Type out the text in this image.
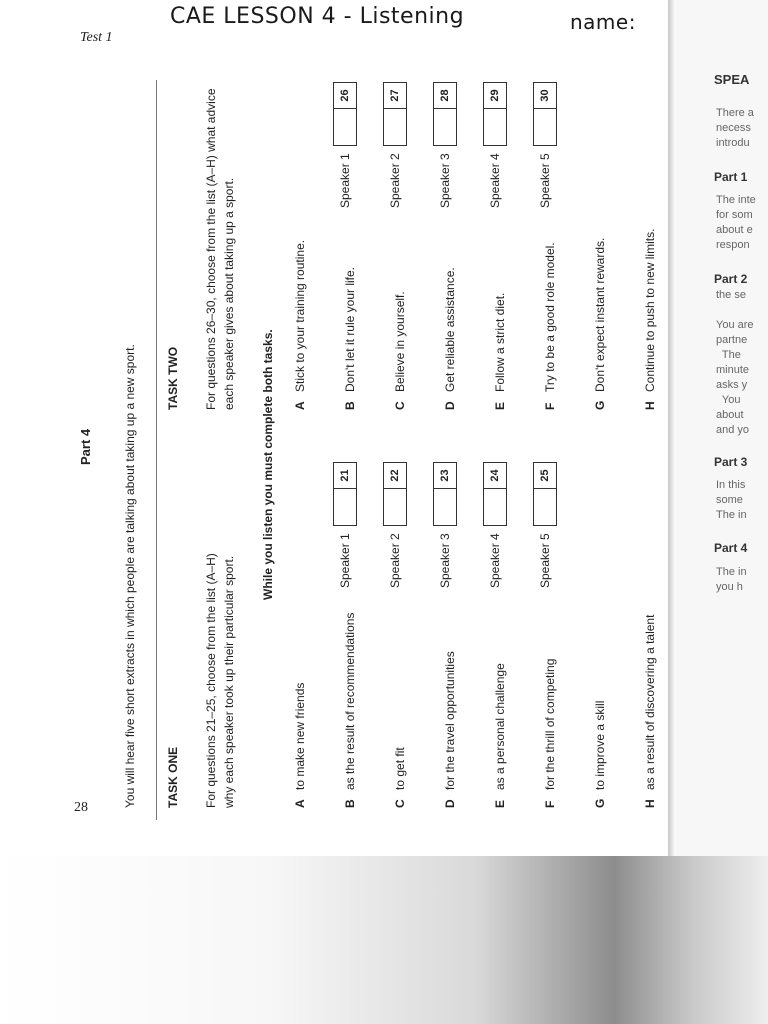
CAE LESSON 4 - Listening	name:
Test 1
28
Part 4	You will hear five short extracts in which people are talking about taking up a new sport. TASK ONE
TASK TWO
For questions 21–25, choose from the list (A–H) why each speaker took up their particular sport.
For questions 26–30, choose from the list (A–H) what advice each speaker gives about taking up a sport.
While you listen you must complete both tasks.
Ato make new friends
Bas the result of recommendations
Cto get fit
Dfor the travel opportunities
Eas a personal challenge
Ffor the thrill of competing
Gto improve a skill
Has a result of discovering a talent
AStick to your training routine.
BDon't let it rule your life.
CBelieve in yourself.
DGet reliable assistance.
EFollow a strict diet.
FTry to be a good role model.
GDon't expect instant rewards.
HContinue to push to new limits.
Speaker 1
21
Speaker 2
22
Speaker 3
23
Speaker 4
24
Speaker 5
25
Speaker 1
26
Speaker 2
27
Speaker 3
28
Speaker 4
29
Speaker 5
30
SPEA
There a
necess
introdu
Part 1
The inte
for som
about e
respon
Part 2
the se

You are
partne
The
minute
asks y
You
about
and yo
Part 3
In this
some
The in
Part 4
The in
you h
